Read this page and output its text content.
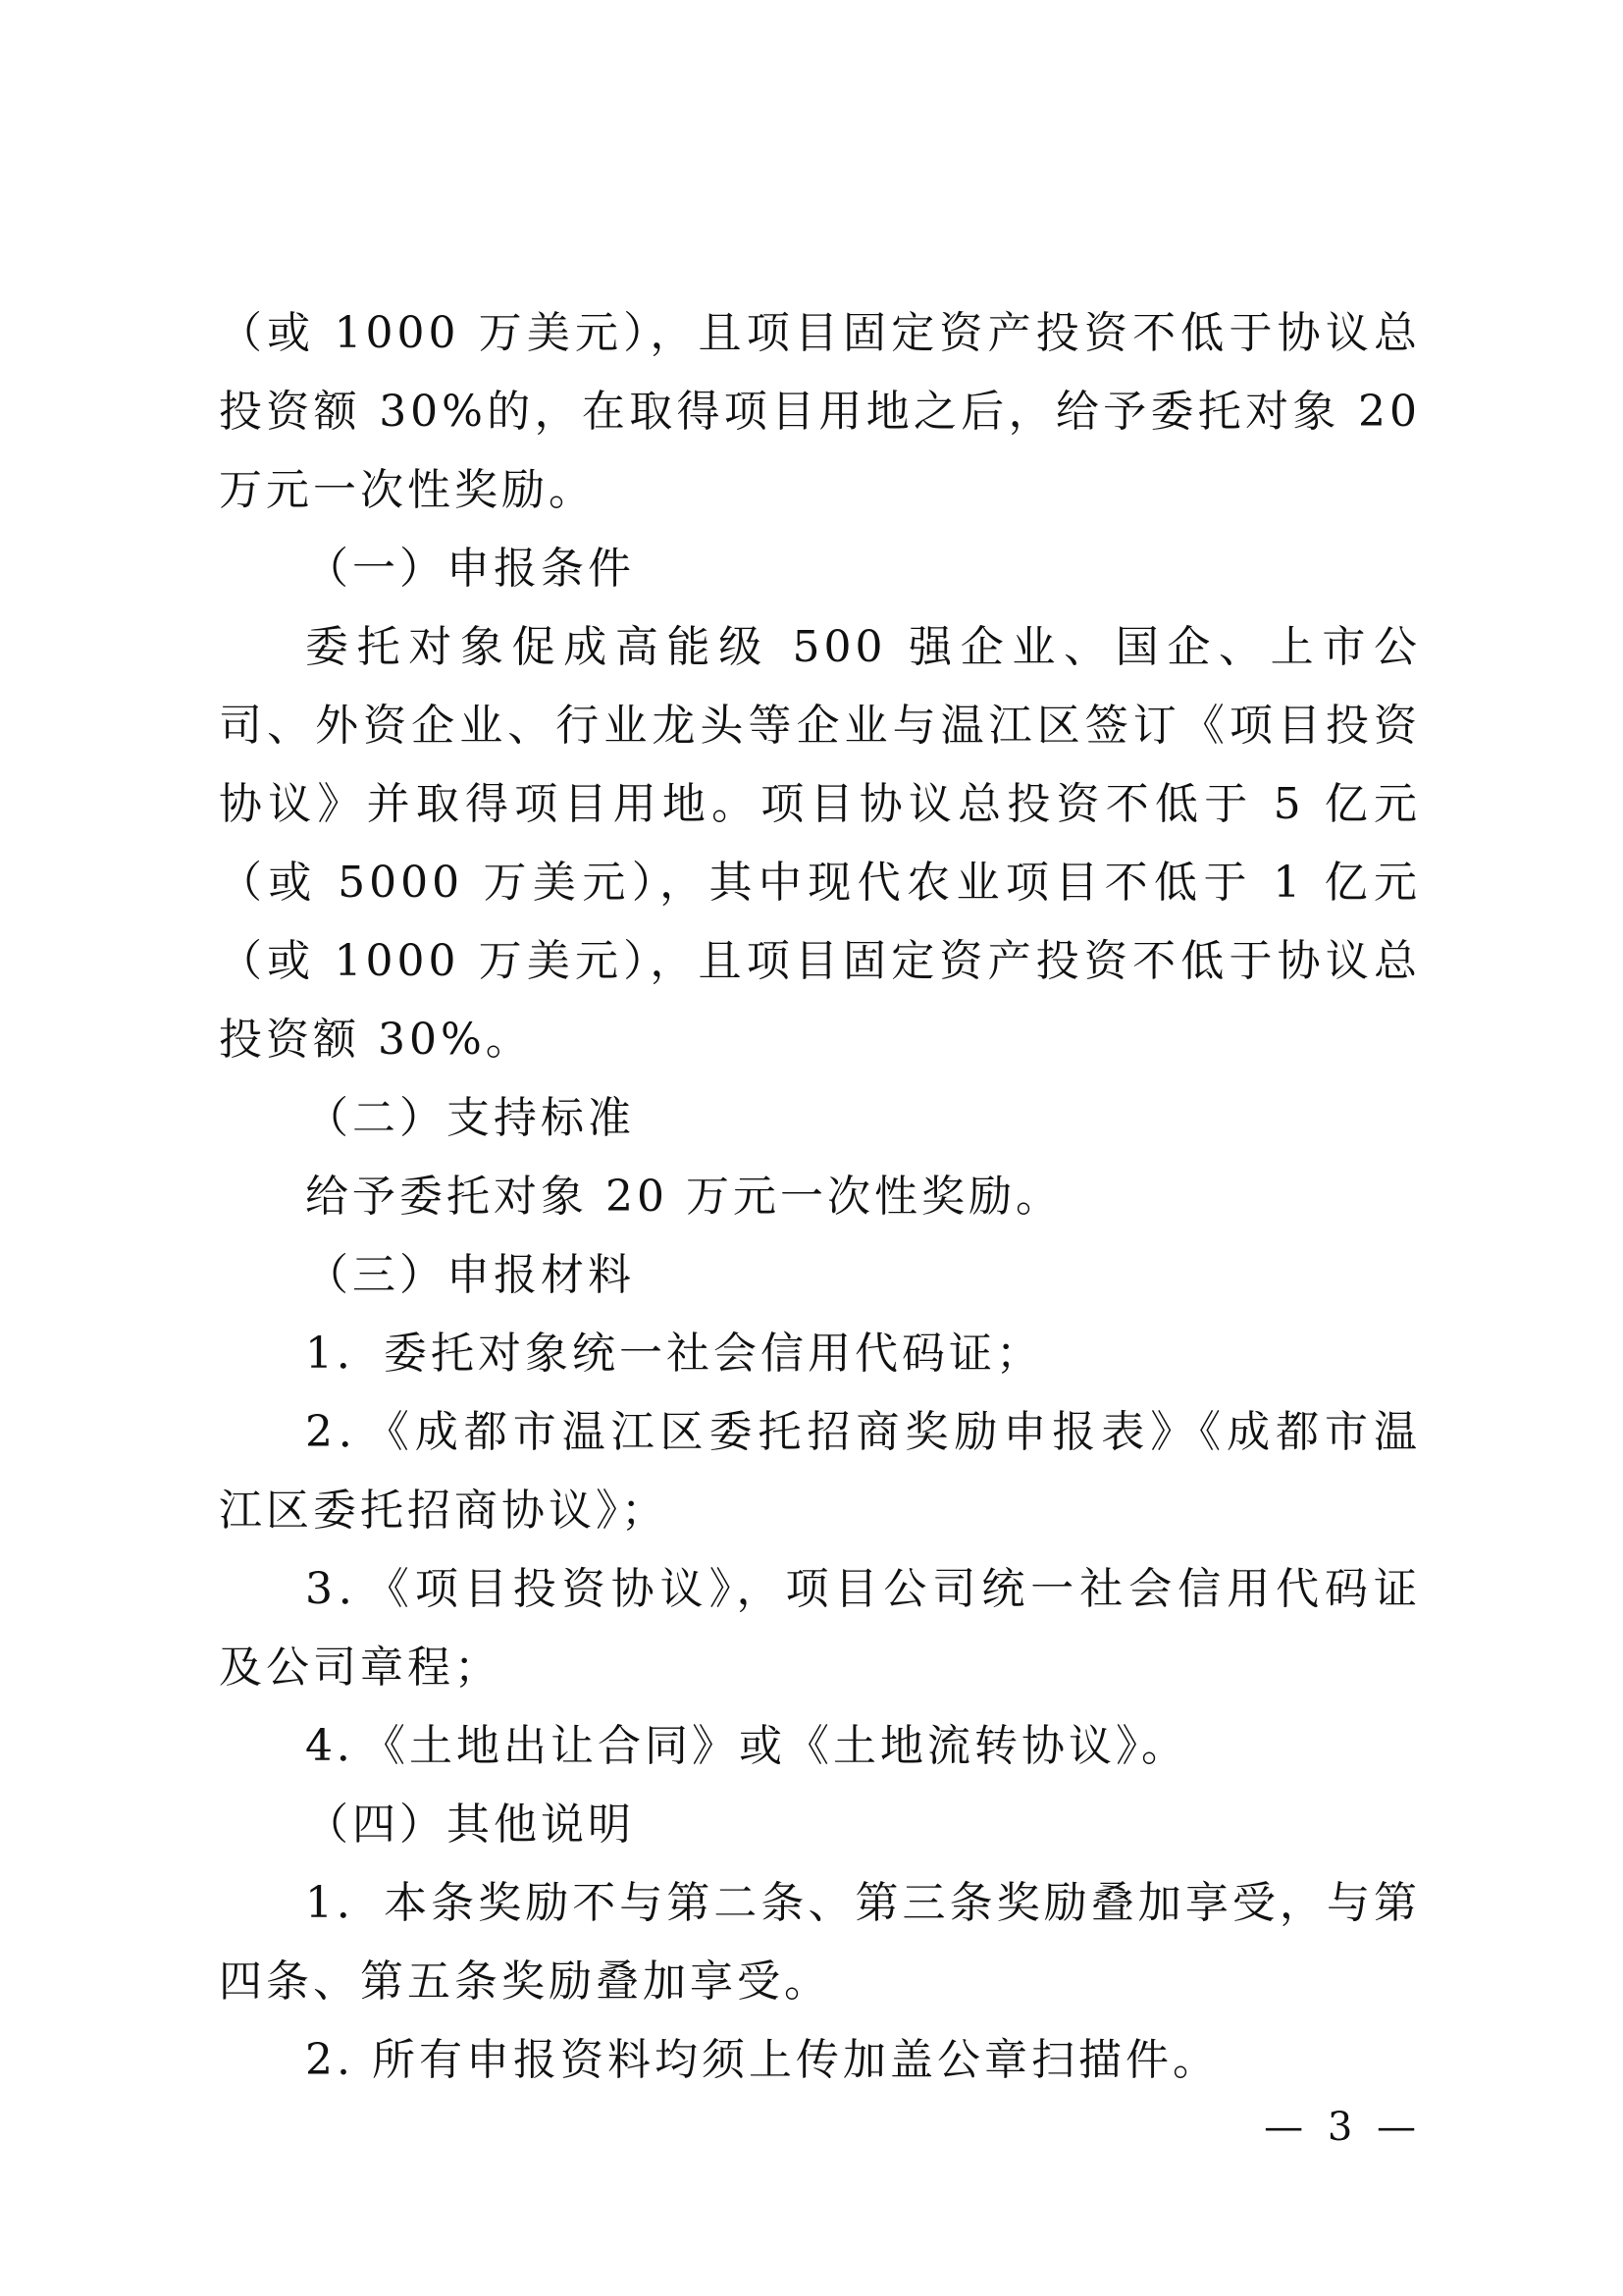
（或 1000 万美元），且项目固定资产投资不低于协议总投资额 30%的，在取得项目用地之后，给予委托对象 20 万元一次性奖励。

（一）申报条件

委托对象促成高能级 500 强企业、国企、上市公司、外资企业、行业龙头等企业与温江区签订《项目投资协议》并取得项目用地。项目协议总投资不低于 5 亿元（或 5000 万美元），其中现代农业项目不低于 1 亿元（或 1000 万美元），且项目固定资产投资不低于协议总投资额 30%。

（二）支持标准

给予委托对象 20 万元一次性奖励。

（三）申报材料

1．委托对象统一社会信用代码证；

2．《成都市温江区委托招商奖励申报表》《成都市温江区委托招商协议》；

3．《项目投资协议》，项目公司统一社会信用代码证及公司章程；

4．《土地出让合同》或《土地流转协议》。

（四）其他说明

1．本条奖励不与第二条、第三条奖励叠加享受，与第四条、第五条奖励叠加享受。

2. 所有申报资料均须上传加盖公章扫描件。

— 3 —
